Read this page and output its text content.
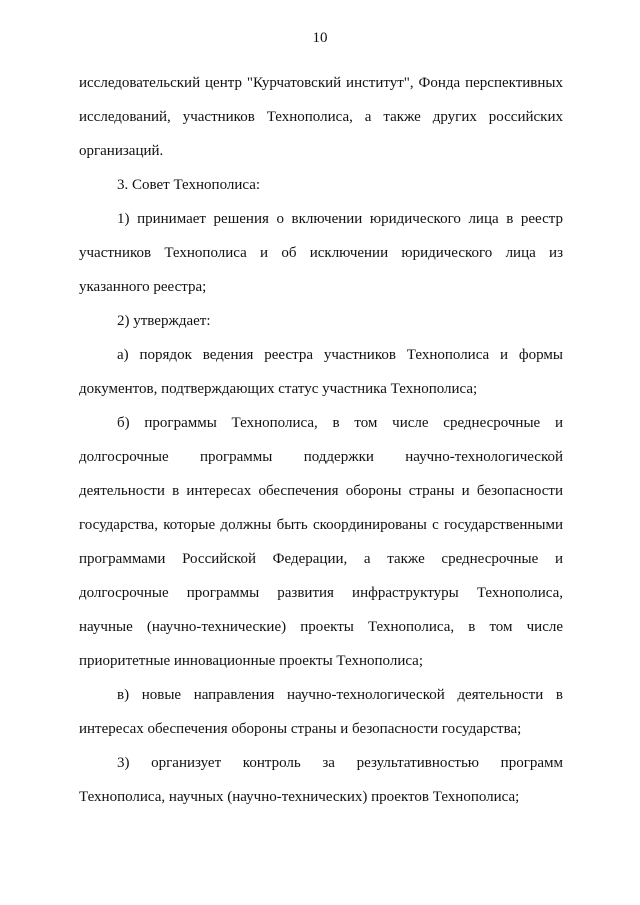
10

исследовательский центр "Курчатовский институт", Фонда перспективных исследований, участников Технополиса, а также других российских организаций.

3. Совет Технополиса:

1) принимает решения о включении юридического лица в реестр участников Технополиса и об исключении юридического лица из указанного реестра;

2) утверждает:

а) порядок ведения реестра участников Технополиса и формы документов, подтверждающих статус участника Технополиса;

б) программы Технополиса, в том числе среднесрочные и долгосрочные программы поддержки научно-технологической деятельности в интересах обеспечения обороны страны и безопасности государства, которые должны быть скоординированы с государственными программами Российской Федерации, а также среднесрочные и долгосрочные программы развития инфраструктуры Технополиса, научные (научно-технические) проекты Технополиса, в том числе приоритетные инновационные проекты Технополиса;

в) новые направления научно-технологической деятельности в интересах обеспечения обороны страны и безопасности государства;

3) организует контроль за результативностью программ Технополиса, научных (научно-технических) проектов Технополиса;
